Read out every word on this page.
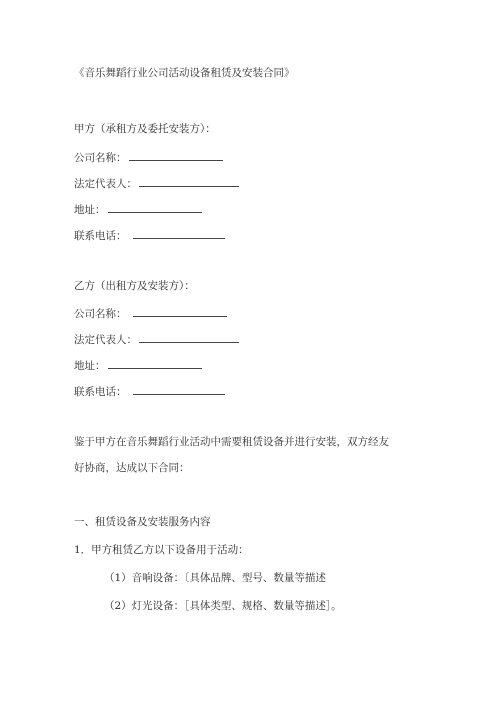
《音乐舞蹈行业公司活动设备租赁及安装合同》
甲方（承租方及委托安装方）：
公司名称：
法定代表人：
地址：
联系电话：
乙方（出租方及安装方）：
公司名称：
法定代表人：
地址：
联系电话：
鉴于甲方在音乐舞蹈行业活动中需要租赁设备并进行安装，双方经友
好协商，达成以下合同：
一、租赁设备及安装服务内容
1．甲方租赁乙方以下设备用于活动：
（1）音响设备：〔具体品牌、型号、数量等描述
（2）灯光设备：［具体类型、规格、数量等描述］。
